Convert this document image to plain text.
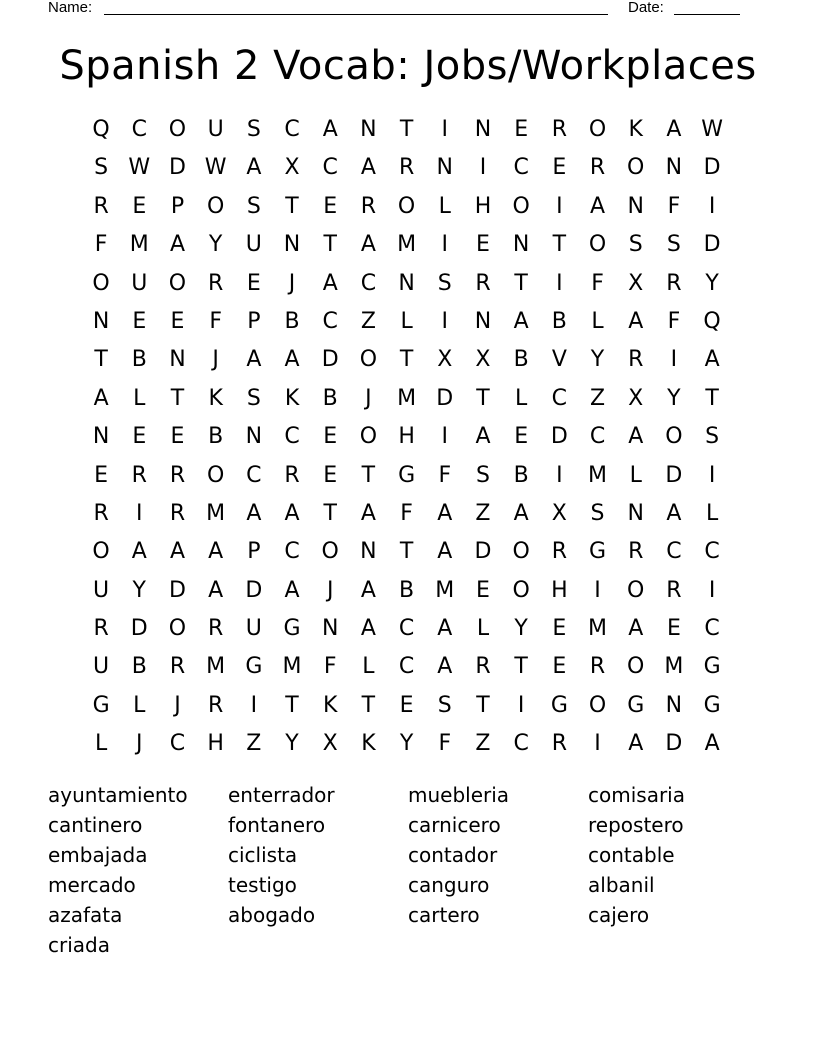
Name:	Date:
Spanish 2 Vocab: Jobs/Workplaces
Q C O U	S	C	A	N	T	I	N	E	R O	K	A W
S W D W A	X	C	A	R	N	I	C	E	R O N D
R	E	P	O	S	T	E	R O	L	H O	I	A	N	F	I
F	M A	Y	U N	T	A M	I	E	N	T	O	S	S	D
O U O R	E	J	A	C	N	S	R	T	I	F	X	R	Y
N	E	E	F	P	B	C	Z	L	I	N	A	B	L	A	F	Q
T	B	N	J	A	A	D O	T	X	X	B	V	Y	R	I	A
A	L	T	K	S	K	B	J	M D	T	L	C	Z	X	Y	T
N	E	E	B	N	C	E	O H	I	A	E	D	C	A O	S
E	R	R O C	R	E	T	G	F	S	B	I	M	L	D	I
R	I	R M A	A	T	A	F	A	Z	A	X	S	N	A	L
O	A	A	A	P	C O N	T	A	D O R	G	R	C	C
U	Y	D	A	D	A	J	A	B M E	O H	I	O R	I
R	D O R	U G N	A	C	A	L	Y	E M A	E	C
U	B	R M G M	F	L	C	A	R	T	E	R O M G
G	L	J	R	I	T	K	T	E	S	T	I	G O G N G
L	J	C	H	Z	Y	X	K	Y	F	Z	C	R	I	A	D	A
ayuntamiento	enterrador	muebleria	comisaria
cantinero	fontanero	carnicero	repostero
embajada	ciclista	contador	contable
mercado	testigo	canguro	albanil
azafata	abogado	cartero	cajero
criada
